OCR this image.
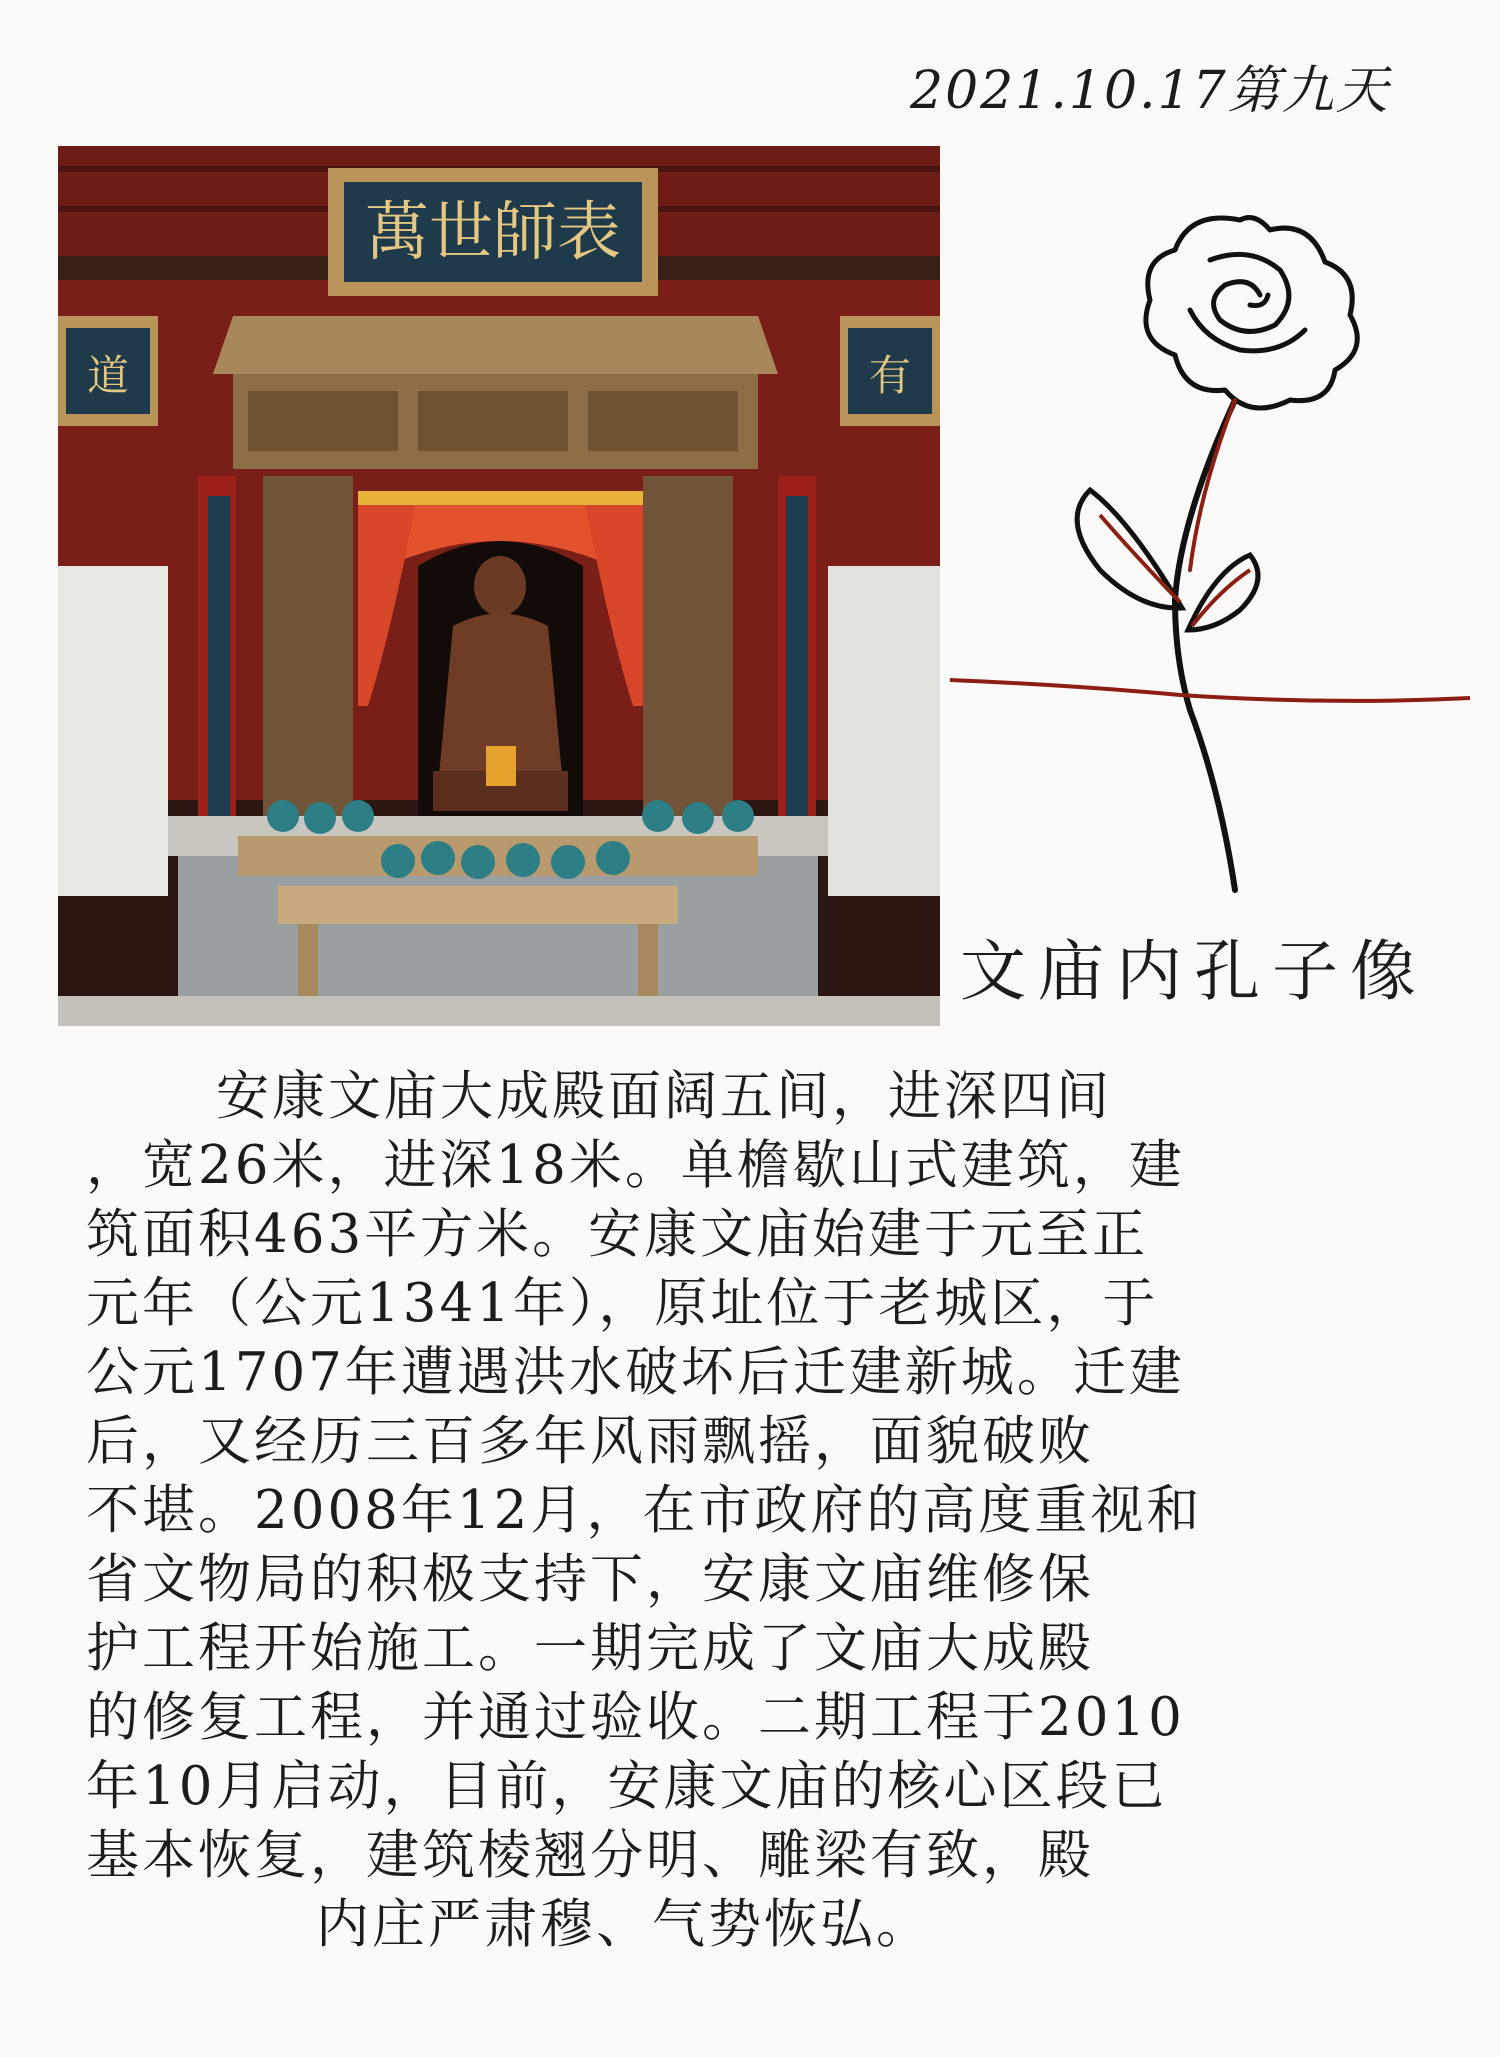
2021.10.17第九天
萬世師表
道	有
文庙内孔子像
安康文庙大成殿面阔五间，进深四间
，宽26米，进深18米。单檐歇山式建筑，建
筑面积463平方米。安康文庙始建于元至正
元年（公元1341年），原址位于老城区，于
公元1707年遭遇洪水破坏后迁建新城。迁建
后，又经历三百多年风雨飘摇，面貌破败
不堪。2008年12月，在市政府的高度重视和
省文物局的积极支持下，安康文庙维修保
护工程开始施工。一期完成了文庙大成殿
的修复工程，并通过验收。二期工程于2010
年10月启动，目前，安康文庙的核心区段已
基本恢复，建筑棱翘分明、雕梁有致，殿
内庄严肃穆、气势恢弘。
